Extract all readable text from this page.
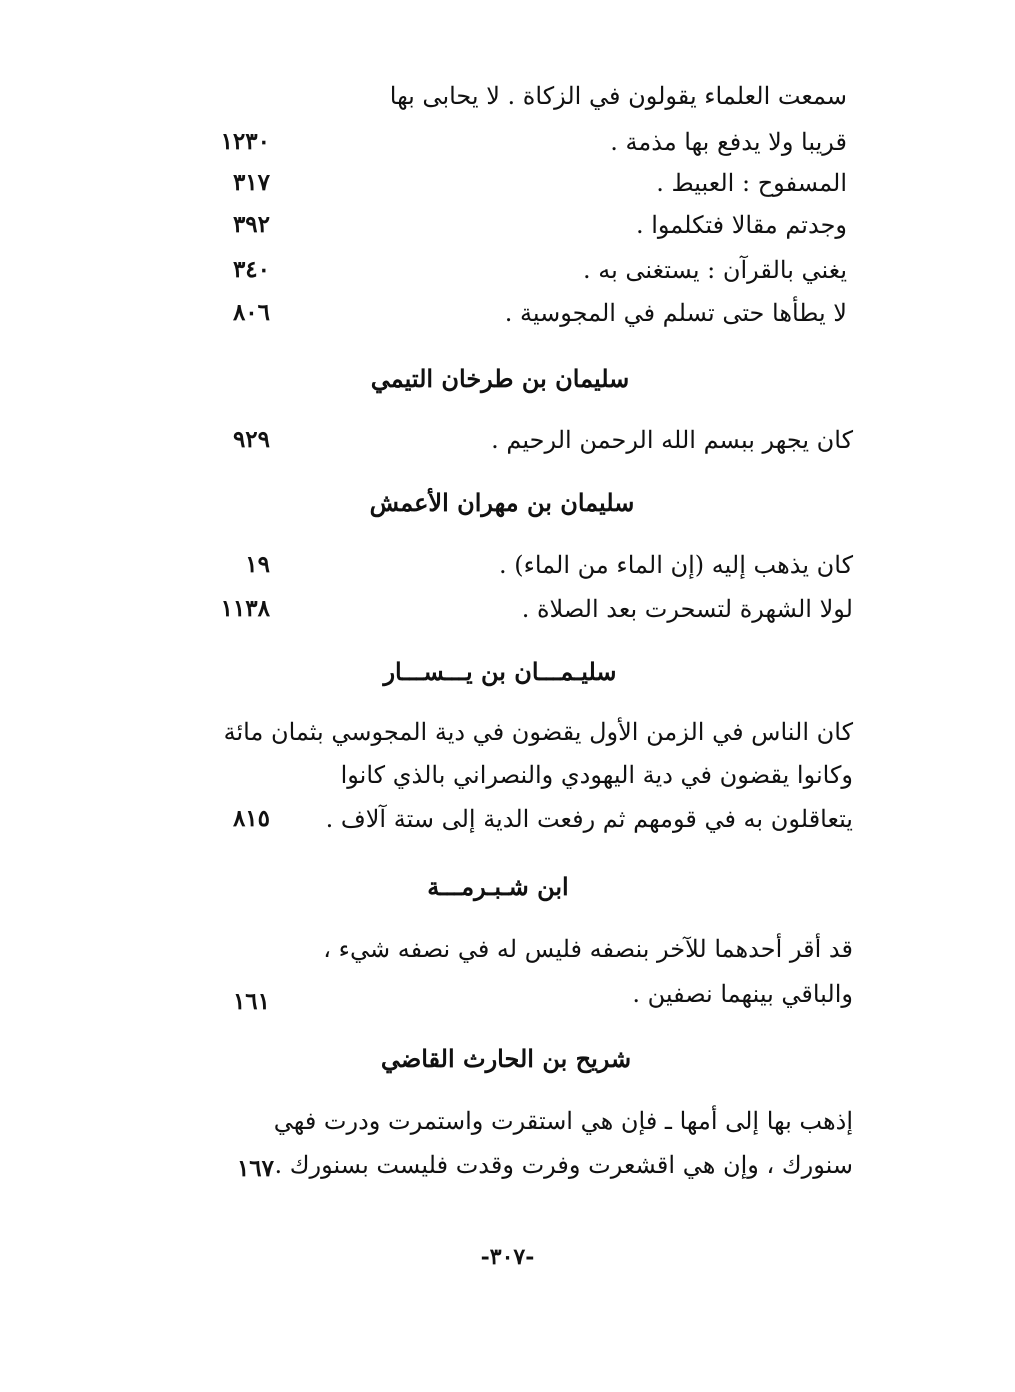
سمعت العلماء يقولون في الزكاة . لا يحابى بها
قريبا ولا يدفع بها مذمة .
١٢٣٠
المسفوح : العبيط .
٣١٧
وجدتم مقالا فتكلموا .
٣٩٢
يغني بالقرآن : يستغنى به .
٣٤٠
لا يطأها حتى تسلم في المجوسية .
٨٠٦
سليمان بن طرخان التيمي
كان يجهر ببسم الله الرحمن الرحيم .
٩٢٩
سليمان بن مهران الأعمش
كان يذهب إليه (إن الماء من الماء) .
١٩
لولا الشهرة لتسحرت بعد الصلاة .
١١٣٨
سليـمـــان بن يـــســـار
كان الناس في الزمن الأول يقضون في دية المجوسي بثمان مائة
وكانوا يقضون في دية اليهودي والنصراني بالذي كانوا
يتعاقلون به في قومهم ثم رفعت الدية إلى ستة آلاف .
٨١٥
ابن شـبـرمـــة
قد أقر أحدهما للآخر بنصفه فليس له في نصفه شيء ،
والباقي بينهما نصفين .
١٦١
شريح بن الحارث القاضي
إذهب بها إلى أمها ـ فإن هي استقرت واستمرت ودرت فهي
سنورك ، وإن هي اقشعرت وفرت وقدت فليست بسنورك .
١٦٧
-٣٠٧-
